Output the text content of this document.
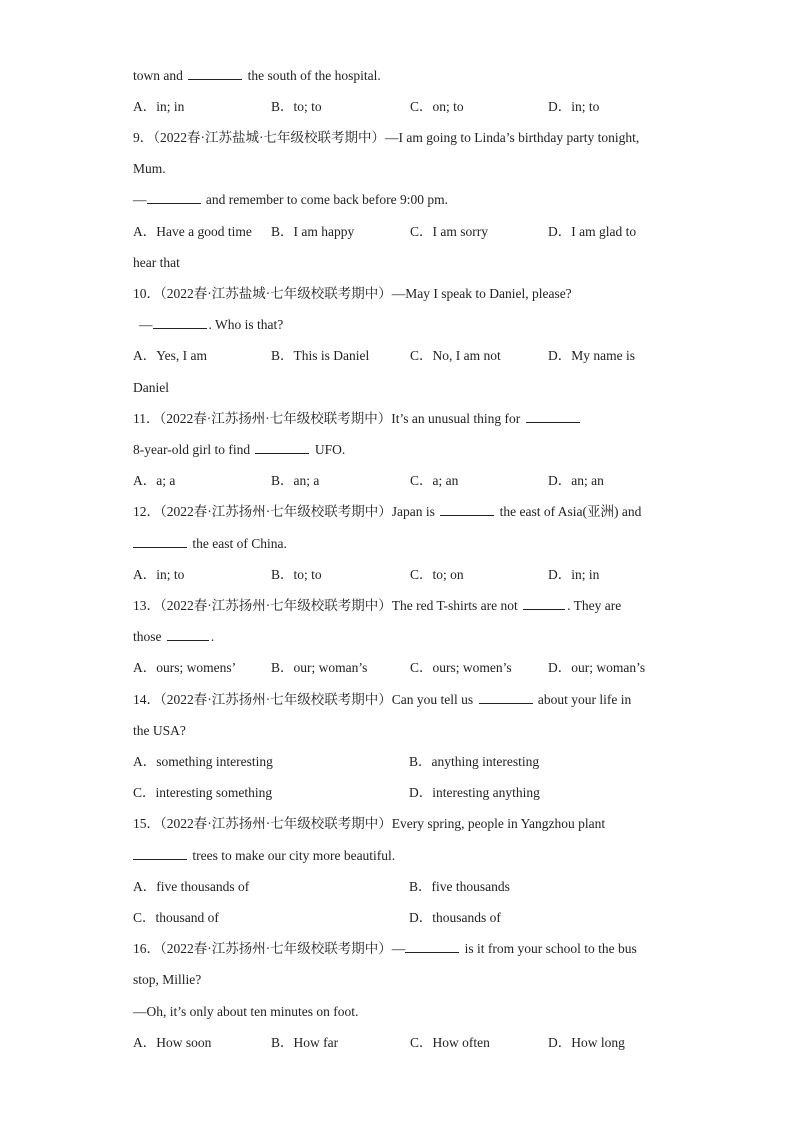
town and	the south of the hospital.
A．in; in	B．to; to	C．on; to	D．in; to
9．（2022春·江苏盐城·七年级校联考期中）—I am going to Linda’s birthday party tonight,
Mum.
—	and remember to come back before 9:00 pm.
A．Have a good time B．I am happy	C．I am sorry	D．I am glad to
hear that
10．（2022春·江苏盐城·七年级校联考期中）—May I speak to Daniel, please?
—	. Who is that?
A．Yes, I am	B．This is Daniel	C．No, I am not	D．My name is
Daniel
11．（2022春·江苏扬州·七年级校联考期中）It’s an unusual thing for
8-year-old girl to find	UFO.
A．a; a	B．an; a	C．a; an	D．an; an
12．（2022春·江苏扬州·七年级校联考期中）Japan is	the east of Asia(亚洲) and
the east of China.
A．in; to	B．to; to	C．to; on	D．in; in
13．（2022春·江苏扬州·七年级校联考期中）The red T-shirts are not	. They are
those	.
A．ours; womens’	B．our; woman’s	C．ours; women’s	D．our; woman’s
14．（2022春·江苏扬州·七年级校联考期中）Can you tell us	about your life in
the USA?
A．something interesting	B．anything interesting
C．interesting something	D．interesting anything
15．（2022春·江苏扬州·七年级校联考期中）Every spring, people in Yangzhou plant
trees to make our city more beautiful.
A．five thousands of	B．five thousands
C．thousand of	D．thousands of
16．（2022春·江苏扬州·七年级校联考期中）—	is it from your school to the bus
stop, Millie?
—Oh, it’s only about ten minutes on foot.
A．How soon	B．How far	C．How often	D．How long
